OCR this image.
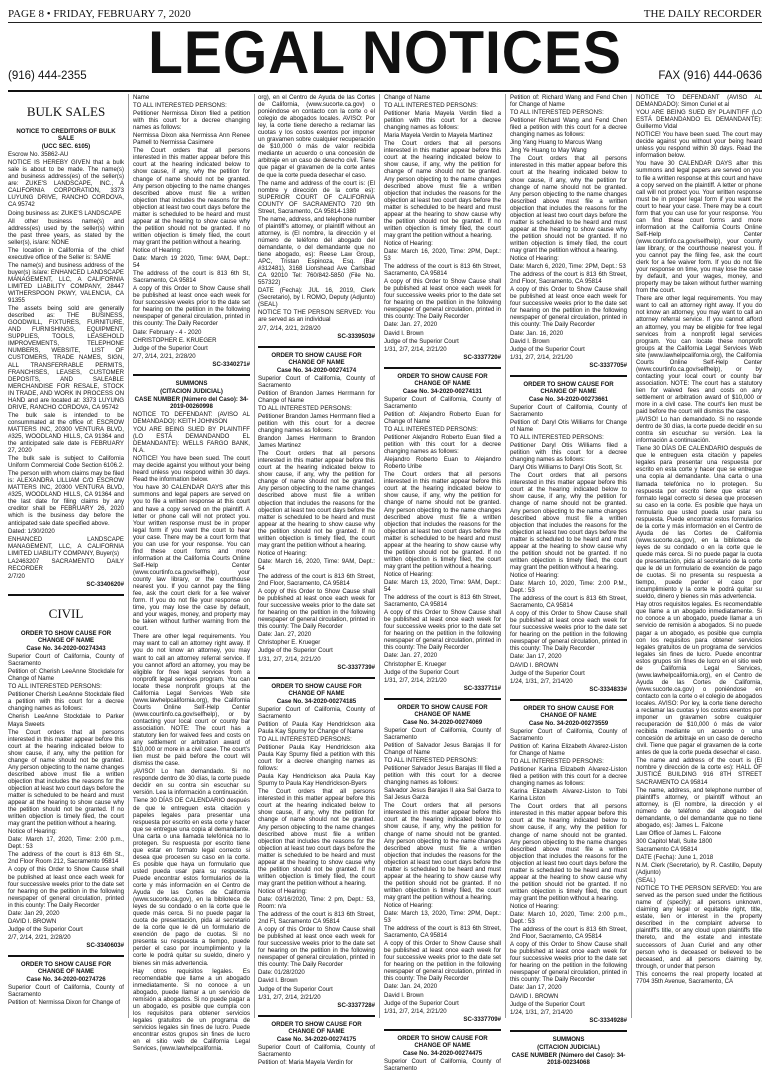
PAGE 8 • FRIDAY, FEBRUARY 7, 2020	THE DAILY RECORDER
LEGAL NOTICES
(916) 444-2355	FAX (916) 444-0636
BULK SALES

NOTICE TO CREDITORS OF BULK SALE

(UCC SEC. 6105)

Escrow No. 35862-AU

NOTICE IS HEREBY GIVEN that a bulk sale is about to be made. The name(s) and business address(es) of the seller(s) are: ZUKE'S LANDSCAPE, INC., A CALIFORNIA CORPORATION, 3373 LUYUNG DRIVE, RANCHO CORDOVA, CA 95742

Doing business as: ZUKE'S LANDSCAPE

All other business name(s) and address(es) used by the seller(s) within the past three years, as stated by the seller(s), is/are: NONE

The location in California of the chief executive office of the Seller is: SAME

The name(s) and business address of the buyer(s) is/are: ENHANCED LANDSCAPE MANAGEMENT, LLC, A CALIFORNIA LIMITED LIABILITY COMPANY, 28447 WITHERSPOON PKWY, VALENCIA, CA 91355

The assets being sold are generally described as: THE BUSINESS, GOODWILL, FIXTURES, FURNITURE, AND FURNISHINGS, EQUIPMENT, SUPPLIES, TOOLS, LEASEHOLD IMPROVEMENTS, TELEPHONE NUMBERS, WEBSITE, LIST OF CUSTOMERS, TRADE NAMES, SIGN, ALL TRANSFERRABLE PERMITS, FRANCHISES, LEASES, CUSTOMER DEPOSITS, AND SALEABLE MERCHANDISE FOR RESALE, STOCK IN TRADE, AND WORK IN PROCESS ON HAND and are located at: 3373 LUYUNG DRIVE, RANCHO CORDOVA, CA 95742

The bulk sale is intended to be consummated at the office of: ESCROW MATTERS INC, 20300 VENTURA BLVD, #325, WOODLAND HILLS, CA 91364 and the anticipated sale date is FEBRUARY 27, 2020

The bulk sale is subject to California Uniform Commercial Code Section 6106.2.

The person with whom claims may be filed is: ALEXANDRA LILLIAM C/O ESCROW MATTERS INC, 20300 VENTURA BLVD, #325, WOODLAND HILLS, CA 91364 and the last date for filing claims by any creditor shall be FEBRUARY 26, 2020 which is the business day before the anticipated sale date specified above.

Dated: 1/30/2020

ENHANCED LANDSCAPE MANAGEMENT, LLC, A CALIFORNIA LIMITED LIABILITY COMPANY, Buyer(s)

LA2463207 SACRAMENTO DAILY RECORDER

2/7/20

SC-3340620#

CIVIL

ORDER TO SHOW CAUSE FOR CHANGE OF NAME

Case No. 34-2020-00274343

Superior Court of California, County of Sacramento

Petition of: Cherish LeeAnne Stockdale for Change of Name

TO ALL INTERESTED PERSONS:

Petitioner Cherish LeeAnne Stockdale filed a petition with this court for a decree changing names as follows:

Cherish LeeAnne Stockdale to Parker Maya Sweets

The Court orders that all persons interested in this matter appear before this court at the hearing indicated below to show cause, if any, why the petition for change of name should not be granted. Any person objecting to the name changes described above must file a written objection that includes the reasons for the objection at least two court days before the matter is scheduled to be heard and must appear at the hearing to show cause why the petition should not be granted. If no written objection is timely filed, the court may grant the petition without a hearing.

Notice of Hearing:

Date: March 17, 2020, Time: 2:00 p.m., Dept.: 53

The address of the court is 813 6th St., 2nd Floor Room 212, Sacramento 95814

A copy of this Order to Show Cause shall be published at least once each week for four successive weeks prior to the date set for hearing on the petition in the following newspaper of general circulation, printed in this county: The Daily Recorder

Date: Jan 29, 2020

DAVID I. BROWN

Judge of the Superior Court

2/7, 2/14, 2/21, 2/28/20

SC-3340603#

ORDER TO SHOW CAUSE FOR CHANGE OF NAME

Case No. 34-2020-00274726

Superior Court of California, County of Sacramento

Petition of: Nermissa Dixon for Change of

Name

TO ALL INTERESTED PERSONS:

Petitioner Nermissa Dixon filed a petition with this court for a decree changing names as follows:

Nermissa Dixon aka Nermissa Ann Renee Pamell to Nermissa Casimere

The Court orders that all persons interested in this matter appear before this court at the hearing indicated below to show cause, if any, why the petition for change of name should not be granted. Any person objecting to the name changes described above must file a written objection that includes the reasons for the objection at least two court days before the matter is scheduled to be heard and must appear at the hearing to show cause why the petition should not be granted. If no written objection is timely filed, the court may grant the petition without a hearing.

Notice of Hearing:

Date: March 19 2020, Time: 9AM, Dept.: 54

The address of the court is 813 6th St, Sacramento, CA 95814

A copy of this Order to Show Cause shall be published at least once each week for four successive weeks prior to the date set for hearing on the petition in the following newspaper of general circulation, printed in this county: The Daily Recorder

Date: February - 4 - 2020

CHRISTOPHER E. KRUEGER

Judge of the Superior Court

2/7, 2/14, 2/21, 2/28/20

SC-3340271#

SUMMONS

(CITACION JUDICIAL)

CASE NUMBER (Número del Caso): 34-2019-00260998

NOTICE TO DEFENDANT: (AVISO AL DEMANDADO): KEITH JOHNSON

YOU ARE BEING SUED BY PLAINTIFF (LO ESTÁ DEMANDANDO EL DEMANDANTE): WELLS FARGO BANK, N.A.

NOTICE! You have been sued. The court may decide against you without your being heard unless you respond within 30 days. Read the information below.

You have 30 CALENDAR DAYS after this summons and legal papers are served on you to file a written response at this court and have a copy served on the plaintiff. A letter or phone call will not protect you. Your written response must be in proper legal form if you want the court to hear your case. There may be a court form that you can use for your response. You can find these court forms and more information at the California Courts Online Self-Help Center (www.courtinfo.ca.gov/selfhelp), your county law library, or the courthouse nearest you. If you cannot pay the filing fee, ask the court clerk for a fee waiver form. If you do not file your response on time, you may lose the case by default, and your wages, money, and property may be taken without further warning from the court.

There are other legal requirements. You may want to call an attorney right away. If you do not know an attorney, you may want to call an attorney referral service. If you cannot afford an attorney, you may be eligible for free legal services from a nonprofit legal services program. You can locate these nonprofit groups at the California Legal Services Web site (www.lawhelpcalifornia.org), the California Courts Online Self-Help Center (www.courtinfo.ca.gov/selfhelp), or by contacting your local court or county bar association. NOTE: The court has a statutory lien for waived fees and costs on any settlement or arbitration award of $10,000 or more in a civil case. The court's lien must be paid before the court will dismiss the case.

¡AVISO! Lo han demandado. Si no responde dentro de 30 días, la corte puede decidir en su contra sin escuchar su versión. Lea la información a continuación.

Tiene 30 DÍAS DE CALENDARIO después de que le entreguen esta citación y papeles legales para presentar una respuesta por escrito en esta corte y hacer que se entregue una copia al demandante. Una carta o una llamada telefónica no lo protegen. Su respuesta por escrito tiene que estar en formato legal correcto si desea que procesen su caso en la corte. Es posible que haya un formulario que usted pueda usar para su respuesta. Puede encontrar estos formularios de la corte y más información en el Centro de Ayuda de las Cortes de California (www.sucorte.ca.gov), en la biblioteca de leyes de su condado o en la corte que le quede más cerca. Si no puede pagar la cuota de presentación, pida al secretario de la corte que le dé un formulario de exención de pago de cuotas. Si no presenta su respuesta a tiempo, puede perder el caso por incumplimiento y la corte le podrá quitar su sueldo, dinero y bienes sin más advertencia.

Hay otros requisitos legales. Es recomendable que llame a un abogado inmediatamente. Si no conoce a un abogado, puede llamar a un servicio de remisión a abogados. Si no puede pagar a un abogado, es posible que cumpla con los requisitos para obtener servicios legales gratuitos de un programa de servicios legales sin fines de lucro. Puede encontrar estos grupos sin fines de lucro en el sitio web de California Legal Services, (www.lawhelpcalifornia.

org), en el Centro de Ayuda de las Cortes de California, (www.sucorte.ca.gov) o poniéndose en contacto con la corte o el colegio de abogados locales. AVISO: Por ley, la corte tiene derecho a reclamar las cuotas y los costos exentos por imponer un gravamen sobre cualquier recuperación de $10,000 ó más de valor recibida mediante un acuerdo o una concesión de arbitraje en un caso de derecho civil. Tiene que pagar el gravamen de la corte antes de que la corte pueda desechar el caso.

The name and address of the court is: (El nombre y dirección de la corte es): SUPERIOR COURT OF CALIFORNIA COUNTY OF SACRAMENTO 720 9th Street, Sacramento, CA 95814-1380

The name, address, and telephone number of plaintiff's attorney, or plaintiff without an attorney, is (El nombre, la dirección y el número de teléfono del abogado del demandante, o del demandante que no tiene abogado, es): Reese Law Group, APC, Tristan Espinoza, Esq. (Bar #312481), 3168 Lionshead Ave Carlsbad CA 92010 Tel: 760/842-5850 (File No. 557322)

DATE (Fecha): JUL 16, 2019, Clerk (Secretario), by I. ROMO, Deputy (Adjunto) (SEAL)

NOTICE TO THE PERSON SERVED: You are served as an individual

2/7, 2/14, 2/21, 2/28/20

SC-3339503#

ORDER TO SHOW CAUSE FOR CHANGE OF NAME

Case No. 34-2020-00274174

Superior Court of California, County of Sacramento

Petition of Brandon James Herrmann for Change of Name

TO ALL INTERESTED PERSONS:

Petitioner Brandon James Herrmann filed a petition with this court for a decree changing names as follows:

Brandon James Herrmann to Brandon James Martinez

The Court orders that all persons interested in this matter appear before this court at the hearing indicated below to show cause, if any, why the petition for change of name should not be granted. Any person objecting to the name changes described above must file a written objection that includes the reasons for the objection at least two court days before the matter is scheduled to be heard and must appear at the hearing to show cause why the petition should not be granted. If no written objection is timely filed, the court may grant the petition without a hearing.

Notice of Hearing:

Date: March 16, 2020, Time: 9AM, Dept.: 54

The address of the court is 813 6th Street, 2nd Floor, Sacramento, CA 95814

A copy of this Order to Show Cause shall be published at least once each week for four successive weeks prior to the date set for hearing on the petition in the following newspaper of general circulation, printed in this county: The Daily Recorder

Date: Jan. 27, 2020

Christopher E. Krueger

Judge of the Superior Court

1/31, 2/7, 2/14, 2/21/20

SC-3337739#

ORDER TO SHOW CAUSE FOR CHANGE OF NAME

Case No. 34-2020-00274185

Superior Court of California, County of Sacramento

Petition of Paula Kay Hendrickson aka Paula Kay Spurny for Change of Name

TO ALL INTERESTED PERSONS:

Petitioner Paula Kay Hendrickson aka Paula Kay Spurny filed a petition with this court for a decree changing names as follows:

Paula Kay Hendrickson aka Paula Kay Spurny to Paula Kay Hendrickson-Byers

The Court orders that all persons interested in this matter appear before this court at the hearing indicated below to show cause, if any, why the petition for change of name should not be granted. Any person objecting to the name changes described above must file a written objection that includes the reasons for the objection at least two court days before the matter is scheduled to be heard and must appear at the hearing to show cause why the petition should not be granted. If no written objection is timely filed, the court may grant the petition without a hearing.

Notice of Hearing:

Date: 03/16/2020, Time: 2 pm, Dept.: 53, Room: n/a

The address of the court is 813 6th Street, 2nd Fl, Sacramento CA 95814

A copy of this Order to Show Cause shall be published at least once each week for four successive weeks prior to the date set for hearing on the petition in the following newspaper of general circulation, printed in this county: The Daily Recorder

Date: 01/28/2020

David I. Brown

Judge of the Superior Court

1/31, 2/7, 2/14, 2/21/20

SC-3337728#

ORDER TO SHOW CAUSE FOR CHANGE OF NAME

Case No. 34-2020-00274175

Superior Court of California, County of Sacramento

Petition of: Maria Mayela Verdin for

Change of Name

TO ALL INTERESTED PERSONS:

Petitioner Maria Mayela Verdin filed a petition with this court for a decree changing names as follows:

Maria Mayela Verdin to Mayela Martinez

The Court orders that all persons interested in this matter appear before this court at the hearing indicated below to show cause, if any, why the petition for change of name should not be granted. Any person objecting to the name changes described above must file a written objection that includes the reasons for the objection at least two court days before the matter is scheduled to be heard and must appear at the hearing to show cause why the petition should not be granted. If no written objection is timely filed, the court may grant the petition without a hearing.

Notice of Hearing:

Date: March 16, 2020, Time: 2PM, Dept.: 53

The address of the court is 813 6th Street, Sacramento, CA 95814

A copy of this Order to Show Cause shall be published at least once each week for four successive weeks prior to the date set for hearing on the petition in the following newspaper of general circulation, printed in this county: The Daily Recorder

Date: Jan. 27, 2020

David I. Brown

Judge of the Superior Court

1/31, 2/7, 2/14, 2/21/20

SC-3337720#

ORDER TO SHOW CAUSE FOR CHANGE OF NAME

Case No. 34-2020-00274131

Superior Court of California, County of Sacramento

Petition of: Alejandro Roberto Euan for Change of Name

TO ALL INTERESTED PERSONS:

Petitioner Alejandro Roberto Euan filed a petition with this court for a decree changing names as follows:

Alejandro Roberto Euan to Alejandro Roberto Uribe

The Court orders that all persons interested in this matter appear before this court at the hearing indicated below to show cause, if any, why the petition for change of name should not be granted. Any person objecting to the name changes described above must file a written objection that includes the reasons for the objection at least two court days before the matter is scheduled to be heard and must appear at the hearing to show cause why the petition should not be granted. If no written objection is timely filed, the court may grant the petition without a hearing.

Notice of Hearing:

Date: March 13, 2020, Time: 9AM, Dept.: 54

The address of the court is 813 6th Street, Sacramento, CA 95814

A copy of this Order to Show Cause shall be published at least once each week for four successive weeks prior to the date set for hearing on the petition in the following newspaper of general circulation, printed in this county: The Daily Recorder

Date: Jan. 27, 2020

Christopher E. Krueger

Judge of the Superior Court

1/31, 2/7, 2/14, 2/21/20

SC-3337711#

ORDER TO SHOW CAUSE FOR CHANGE OF NAME

Case No. 34-2020-00274069

Superior Court of California, County of Sacramento

Petition of Salvador Jesus Barajas II for Change of Name

TO ALL INTERESTED PERSONS:

Petitioner Salvador Jesus Barajas III filed a petition with this court for a decree changing names as follows:

Salvador Jesus Barajas II aka Sal Garza to Sal Jesus Garza

The Court orders that all persons interested in this matter appear before this court at the hearing indicated below to show cause, if any, why the petition for change of name should not be granted. Any person objecting to the name changes described above must file a written objection that includes the reasons for the objection at least two court days before the matter is scheduled to be heard and must appear at the hearing to show cause why the petition should not be granted. If no written objection is timely filed, the court may grant the petition without a hearing.

Notice of Hearing:

Date: March 13, 2020, Time: 2PM, Dept.: 53

The address of the court is 813 6th Street, Sacramento, CA 95814

A copy of this Order to Show Cause shall be published at least once each week for four successive weeks prior to the date set for hearing on the petition in the following newspaper of general circulation, printed in this county: The Daily Recorder

Date: Jan. 24, 2020

David I. Brown

Judge of the Superior Court

1/31, 2/7, 2/14, 2/21/20

SC-3337709#

ORDER TO SHOW CAUSE FOR CHANGE OF NAME

Case No. 34-2020-00274475

Superior Court of California, County of Sacramento

Petition of: Richard Wang and Fend Chen for Change of Name

TO ALL INTERESTED PERSONS:

Petitioner Richard Wang and Fend Chen filed a petition with this court for a decree changing names as follows:

Jing Yang Huang to Marcus Wang

Jing Ye Huang to May Wang

The Court orders that all persons interested in this matter appear before this court at the hearing indicated below to show cause, if any, why the petition for change of name should not be granted. Any person objecting to the name changes described above must file a written objection that includes the reasons for the objection at least two court days before the matter is scheduled to be heard and must appear at the hearing to show cause why the petition should not be granted. If no written objection is timely filed, the court may grant the petition without a hearing.

Notice of Hearing:

Date: March 6, 2020, Time: 2PM, Dept.: 53

The address of the court is 813 6th Street, 2nd Floor, Sacramento, CA 95814

A copy of this Order to Show Cause shall be published at least once each week for four successive weeks prior to the date set for hearing on the petition in the following newspaper of general circulation, printed in this county: The Daily Recorder

Date: Jan. 16, 2020

David I. Brown

Judge of the Superior Court

1/31, 2/7, 2/14, 2/21/20

SC-3337705#

ORDER TO SHOW CAUSE FOR CHANGE OF NAME

Case No. 34-2020-00273661

Superior Court of California, County of Sacramento

Petition of: Daryl Otis Williams for Change of Name

TO ALL INTERESTED PERSONS:

Petitioner Daryl Otis Williams filed a petition with this court for a decree changing names as follows:

Daryl Otis Williams to Daryl Otis Scott, Sr.

The Court orders that all persons interested in this matter appear before this court at the hearing indicated below to show cause, if any, why the petition for change of name should not be granted. Any person objecting to the name changes described above must file a written objection that includes the reasons for the objection at least two court days before the matter is scheduled to be heard and must appear at the hearing to show cause why the petition should not be granted. If no written objection is timely filed, the court may grant the petition without a hearing.

Notice of Hearing:

Date: March 10, 2020, Time: 2:00 P.M., Dept.: 53

The address of the court is 813 6th Street, Sacramento, CA 95814

A copy of this Order to Show Cause shall be published at least once each week for four successive weeks prior to the date set for hearing on the petition in the following newspaper of general circulation, printed in this county: The Daily Recorder

Date: Jan 17, 2020

DAVID I. BROWN

Judge of the Superior Court

1/24, 1/31, 2/7, 2/14/20

SC-3334833#

ORDER TO SHOW CAUSE FOR CHANGE OF NAME

Case No. 34-2020-00273559

Superior Court of California, County of Sacramento

Petition of: Karina Elizabeth Alvarez-Liston for Change of Name

TO ALL INTERESTED PERSONS:

Petitioner Karina Elizabeth Alvarez-Liston filed a petition with this court for a decree changing names as follows:

Karina Elizabeth Alvarez-Liston to Tobi Karina Liston

The Court orders that all persons interested in this matter appear before this court at the hearing indicated below to show cause, if any, why the petition for change of name should not be granted. Any person objecting to the name changes described above must file a written objection that includes the reasons for the objection at least two court days before the matter is scheduled to be heard and must appear at the hearing to show cause why the petition should not be granted. If no written objection is timely filed, the court may grant the petition without a hearing.

Notice of Hearing:

Date: March 10, 2020, Time: 2:00 p.m., Dept.: 53

The address of the court is 813 6th Street, 2nd Floor, Sacramento, CA 95814

A copy of this Order to Show Cause shall be published at least once each week for four successive weeks prior to the date set for hearing on the petition in the following newspaper of general circulation, printed in this county: The Daily Recorder

Date: Jan 17, 2020

DAVID I. BROWN

Judge of the Superior Court

1/24, 1/31, 2/7, 2/14/20

SC-3334928#

SUMMONS

(CITACION JUDICIAL)

CASE NUMBER (Número del Caso): 34-2018-00234068

NOTICE TO DEFENDANT (AVISO AL DEMANDADO): Simon Curiel et al

YOU ARE BEING SUED BY PLAINTIFF (LO ESTÁ DEMANDANDO EL DEMANDANTE): Guillermo Vidal

NOTICE! You have been sued. The court may decide against you without your being heard unless you respond within 30 days. Read the information below.

You have 30 CALENDAR DAYS after this summons and legal papers are served on you to file a written response at this court and have a copy served on the plaintiff. A letter or phone call will not protect you. Your written response must be in proper legal form if you want the court to hear your case. There may be a court form that you can use for your response. You can find these court forms and more information at the California Courts Online Self-Help Center (www.courtinfo.ca.gov/selfhelp), your county law library, or the courthouse nearest you. If you cannot pay the filing fee, ask the court clerk for a fee waiver form. If you do not file your response on time, you may lose the case by default, and your wages, money, and property may be taken without further warning from the court.

There are other legal requirements. You may want to call an attorney right away. If you do not know an attorney, you may want to call an attorney referral service. If you cannot afford an attorney, you may be eligible for free legal services from a nonprofit legal services program. You can locate these nonprofit groups at the California Legal Services Web site (www.lawhelpcalifornia.org), the California Courts Online Self-Help Center (www.courtinfo.ca.gov/selfhelp), or by contacting your local court or county bar association. NOTE: The court has a statutory lien for waived fees and costs on any settlement or arbitration award of $10,000 or more in a civil case. The court's lien must be paid before the court will dismiss the case.

¡AVISO! Lo han demandado. Si no responde dentro de 30 días, la corte puede decidir en su contra sin escuchar su versión. Lea la información a continuación.

Tiene 30 DÍAS DE CALENDARIO después de que le entreguen esta citación y papeles legales para presentar una respuesta por escrito en esta corte y hacer que se entregue una copia al demandante. Una carta o una llamada telefónica no lo protegen. Su respuesta por escrito tiene que estar en formato legal correcto si desea que procesen su caso en la corte. Es posible que haya un formulario que usted pueda usar para su respuesta. Puede encontrar estos formularios de la corte y más información en el Centro de Ayuda de las Cortes de California (www.sucorte.ca.gov), en la biblioteca de leyes de su condado o en la corte que le quede más cerca. Si no puede pagar la cuota de presentación, pida al secretario de la corte que le dé un formulario de exención de pago de cuotas. Si no presenta su respuesta a tiempo, puede perder el caso por incumplimiento y la corte le podrá quitar su sueldo, dinero y bienes sin más advertencia.

Hay otros requisitos legales. Es recomendable que llame a un abogado inmediatamente. Si no conoce a un abogado, puede llamar a un servicio de remisión a abogados. Si no puede pagar a un abogado, es posible que cumpla con los requisitos para obtener servicios legales gratuitos de un programa de servicios legales sin fines de lucro. Puede encontrar estos grupos sin fines de lucro en el sitio web de California Legal Services, (www.lawhelpcalifornia.org), en el Centro de Ayuda de las Cortes de California, (www.sucorte.ca.gov) o poniéndose en contacto con la corte o el colegio de abogados locales. AVISO: Por ley, la corte tiene derecho a reclamar las cuotas y los costos exentos por imponer un gravamen sobre cualquier recuperación de $10,000 ó más de valor recibida mediante un acuerdo o una concesión de arbitraje en un caso de derecho civil. Tiene que pagar el gravamen de la corte antes de que la corte pueda desechar el caso.

The name and address of the court is (El nombre y dirección de la corte es): HALL OF JUSTICE BUILDING 916 8TH STREET SACRAMENTO CA 95814

The name, address, and telephone number of plaintiff's attorney, or plaintiff without an attorney, is (El nombre, la dirección y el número de teléfono del abogado del demandante, o del demandante que no tiene abogado, es): James L. Falcone

Law Office of James L. Falcone

300 Capitol Mall, Suite 1800

Sacramento CA 95814

DATE (Fecha): June 1, 2018

N.M. Clerk (Secretario), by R. Castillo, Deputy (Adjunto)

(SEAL)

NOTICE TO THE PERSON SERVED: You are served as the person sued under the fictitious name of (specify): all persons unknown, claiming any legal or equitable right, title, estate, lien or interest in the property described in the complaint adverse to plaintiff's title, or any cloud upon plaintiffs title thereto, and the estate and intestate successors of Juan Curiel and any other person who is deceased or believed to be deceased, and all persons claiming by, through, or under that person

This concerns the real property located at 7704 35th Avenue, Sacramento, CA
